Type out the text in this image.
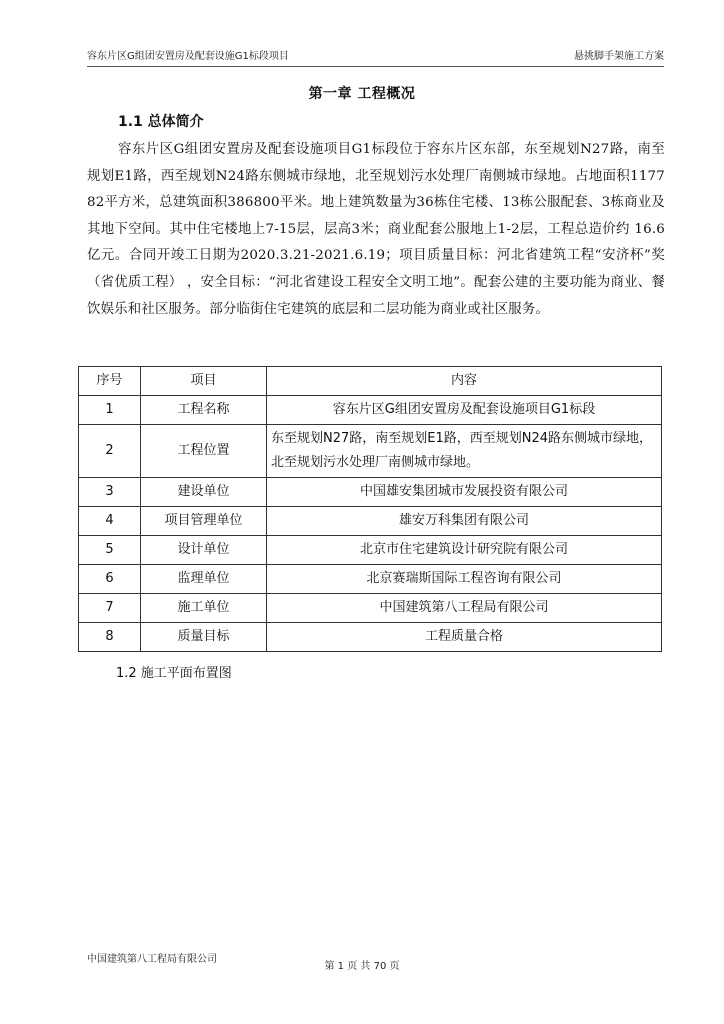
容东片区G组团安置房及配套设施G1标段项目	悬挑脚手架施工方案
第一章 工程概况
1.1 总体简介
容东片区G组团安置房及配套设施项目G1标段位于容东片区东部，东至规划N27路，南至规划E1路，西至规划N24路东侧城市绿地，北至规划污水处理厂南侧城市绿地。占地面积117782平方米，总建筑面积386800平米。地上建筑数量为36栋住宅楼、13栋公服配套、3栋商业及其地下空间。其中住宅楼地上7-15层，层高3米；商业配套公服地上1-2层，工程总造价约 16.6亿元。合同开竣工日期为2020.3.21-2021.6.19；项目质量目标：河北省建筑工程“安济杯”奖（省优质工程） ，安全目标：“河北省建设工程安全文明工地”。配套公建的主要功能为商业、餐饮娱乐和社区服务。部分临街住宅建筑的底层和二层功能为商业或社区服务。
序号	项目	内容
1	工程名称	容东片区G组团安置房及配套设施项目G1标段
2	工程位置	东至规划N27路，南至规划E1路，西至规划N24路东侧城市绿地，北至规划污水处理厂南侧城市绿地。
3	建设单位	中国雄安集团城市发展投资有限公司
4	项目管理单位	雄安万科集团有限公司
5	设计单位	北京市住宅建筑设计研究院有限公司
6	监理单位	北京赛瑞斯国际工程咨询有限公司
7	施工单位	中国建筑第八工程局有限公司
8	质量目标	工程质量合格
1.2 施工平面布置图
中国建筑第八工程局有限公司
第 1 页 共 70 页
